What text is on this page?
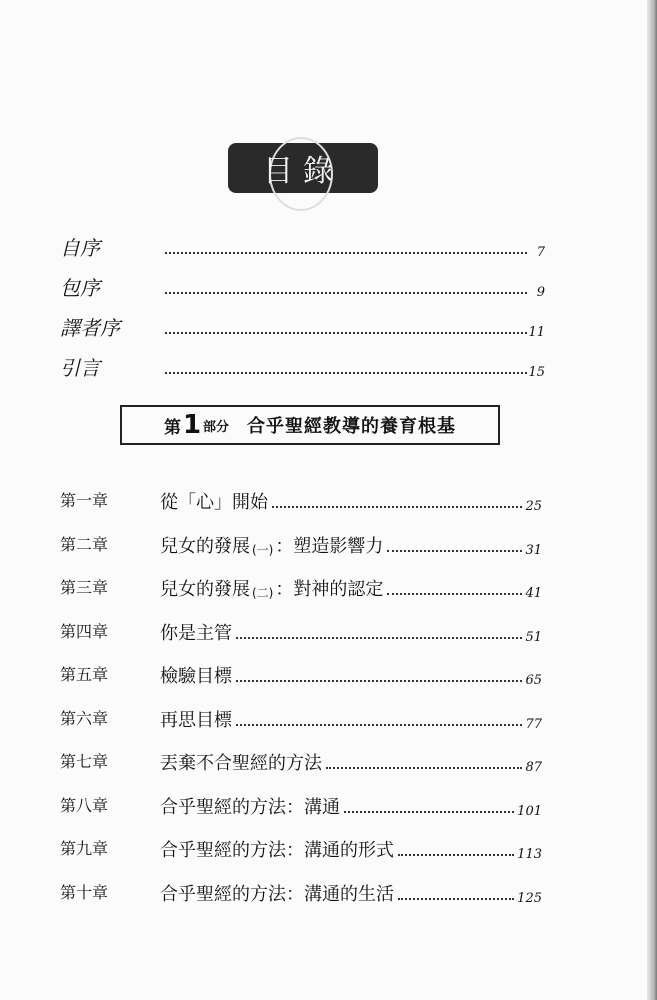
目錄
自序	7
包序	9
譯者序	11
引言	15
第 1 部分 合乎聖經教導的養育根基
第一章	從「心」開始	25
第二章	兒女的發展 (一) ：塑造影響力	31
第三章	兒女的發展 (二) ：對神的認定	41
第四章	你是主管	51
第五章	檢驗目標	65
第六章	再思目標	77
第七章	丟棄不合聖經的方法	87
第八章	合乎聖經的方法：溝通	101
第九章	合乎聖經的方法：溝通的形式	113
第十章	合乎聖經的方法：溝通的生活	125
